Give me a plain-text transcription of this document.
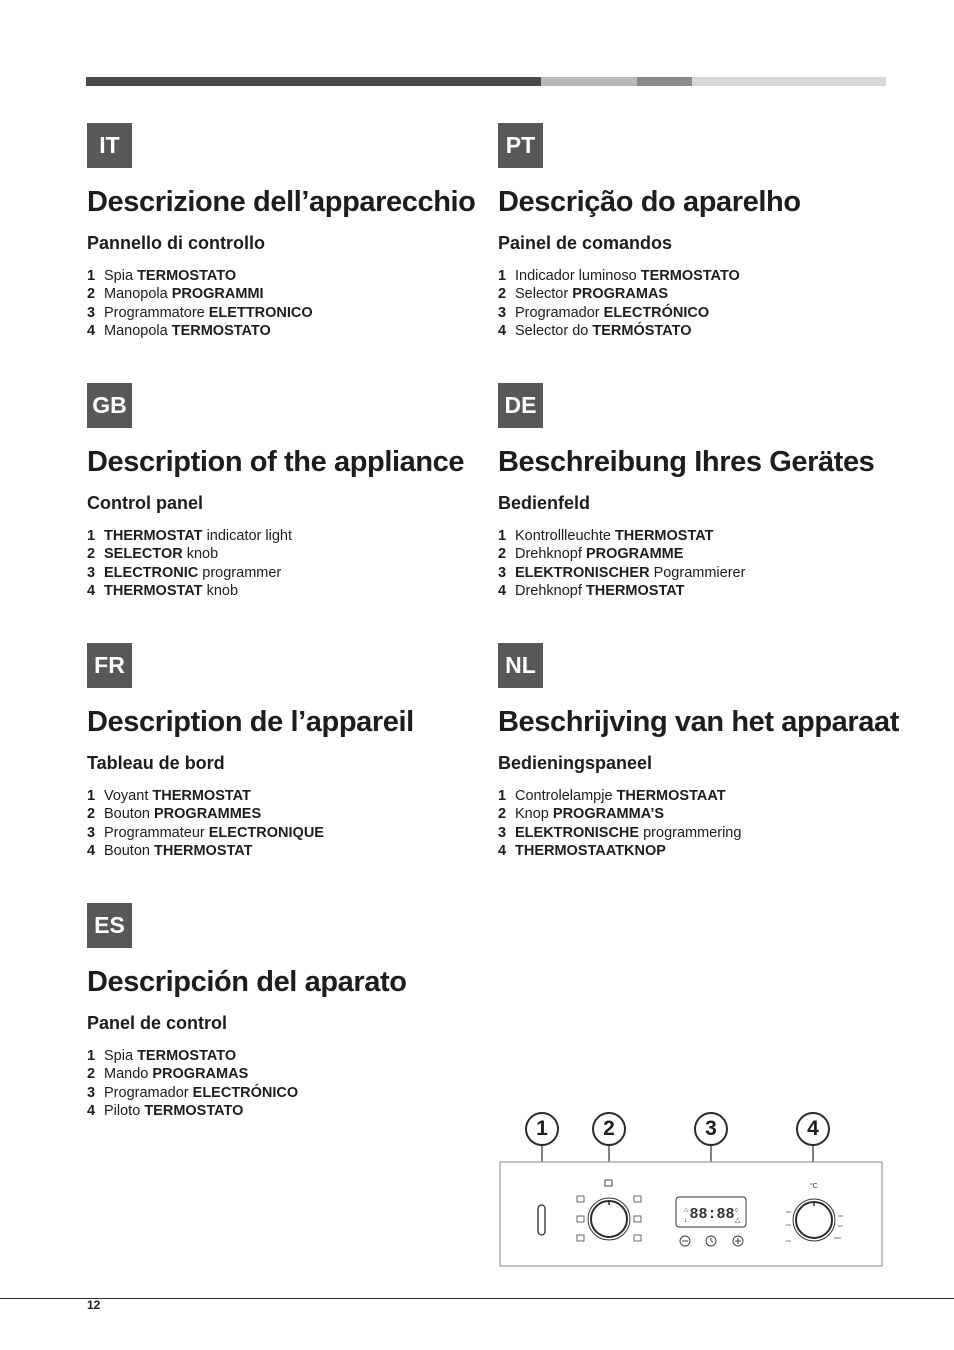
IT
Descrizione dell’apparecchio
Pannello di controllo
1 Spia TERMOSTATO
2 Manopola PROGRAMMI
3 Programmatore ELETTRONICO
4 Manopola TERMOSTATO
PT
Descrição do aparelho
Painel de comandos
1 Indicador luminoso TERMOSTATO
2 Selector PROGRAMAS
3 Programador ELECTRÓNICO
4 Selector do TERMÓSTATO
GB
Description of the appliance
Control panel
1 THERMOSTAT indicator light
2 SELECTOR knob
3 ELECTRONIC programmer
4 THERMOSTAT knob
DE
Beschreibung Ihres Gerätes
Bedienfeld
1 Kontrollleuchte THERMOSTAT
2 Drehknopf PROGRAMME
3 ELEKTRONISCHER Pogrammierer
4 Drehknopf THERMOSTAT
FR
Description de l’appareil
Tableau de bord
1 Voyant THERMOSTAT
2 Bouton PROGRAMMES
3 Programmateur ELECTRONIQUE
4 Bouton THERMOSTAT
NL
Beschrijving van het apparaat
Bedieningspaneel
1 Controlelampje THERMOSTAAT
2 Knop PROGRAMMA’S
3 ELEKTRONISCHE programmering
4 THERMOSTAATKNOP
ES
Descripción del aparato
Panel de control
1 Spia TERMOSTATO
2 Mando PROGRAMAS
3 Programador ELECTRÓNICO
4 Piloto TERMOSTATO
1	2	3	4
⌂
↓ 88:88 ◊
△
°C
12
